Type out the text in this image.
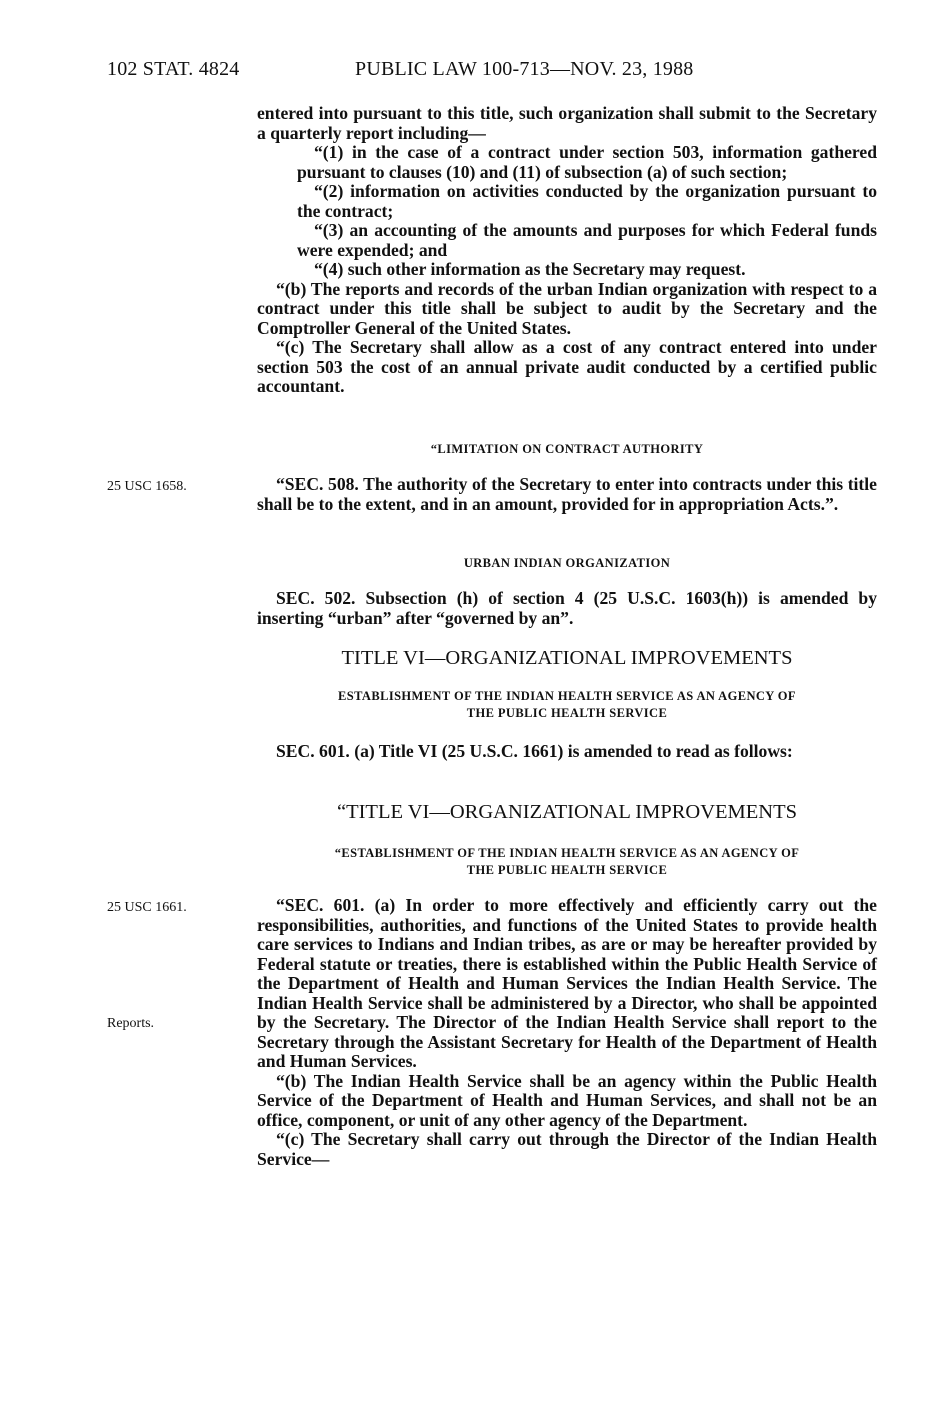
102 STAT. 4824	PUBLIC LAW 100-713—NOV. 23, 1988

entered into pursuant to this title, such organization shall submit to the Secretary a quarterly report including—

“(1) in the case of a contract under section 503, information gathered pursuant to clauses (10) and (11) of subsection (a) of such section;

“(2) information on activities conducted by the organization pursuant to the contract;

“(3) an accounting of the amounts and purposes for which Federal funds were expended; and

“(4) such other information as the Secretary may request.

“(b) The reports and records of the urban Indian organization with respect to a contract under this title shall be subject to audit by the Secretary and the Comptroller General of the United States.

“(c) The Secretary shall allow as a cost of any contract entered into under section 503 the cost of an annual private audit conducted by a certified public accountant.

“LIMITATION ON CONTRACT AUTHORITY
25 USC 1658.	“SEC. 508. The authority of the Secretary to enter into contracts under this title shall be to the extent, and in an amount, provided for in appropriation Acts.”.

URBAN INDIAN ORGANIZATION

SEC. 502. Subsection (h) of section 4 (25 U.S.C. 1603(h)) is amended by inserting “urban” after “governed by an”.

TITLE VI—ORGANIZATIONAL IMPROVEMENTS
ESTABLISHMENT OF THE INDIAN HEALTH SERVICE AS AN AGENCY OF
THE PUBLIC HEALTH SERVICE

SEC. 601. (a) Title VI (25 U.S.C. 1661) is amended to read as follows:

“TITLE VI—ORGANIZATIONAL IMPROVEMENTS
“ESTABLISHMENT OF THE INDIAN HEALTH SERVICE AS AN AGENCY OF
THE PUBLIC HEALTH SERVICE
25 USC 1661.
Reports.

“SEC. 601. (a) In order to more effectively and efficiently carry out the responsibilities, authorities, and functions of the United States to provide health care services to Indians and Indian tribes, as are or may be hereafter provided by Federal statute or treaties, there is established within the Public Health Service of the Department of Health and Human Services the Indian Health Service. The Indian Health Service shall be administered by a Director, who shall be appointed by the Secretary. The Director of the Indian Health Service shall report to the Secretary through the Assistant Secretary for Health of the Department of Health and Human Services.

“(b) The Indian Health Service shall be an agency within the Public Health Service of the Department of Health and Human Services, and shall not be an office, component, or unit of any other agency of the Department.

“(c) The Secretary shall carry out through the Director of the Indian Health Service—
